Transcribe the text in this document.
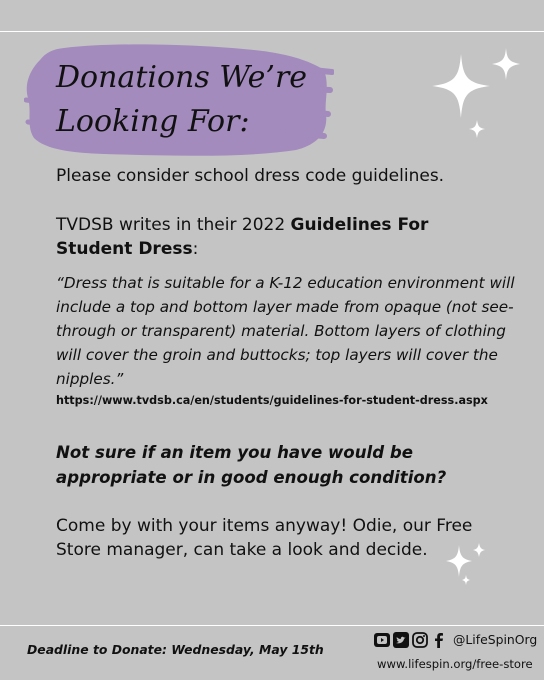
Donations We’re
Looking For:

Please consider school dress code guidelines.

TVDSB writes in their 2022 Guidelines For Student Dress:

“Dress that is suitable for a K-12 education environment will include a top and bottom layer made from opaque (not see-through or transparent) material. Bottom layers of clothing will cover the groin and buttocks; top layers will cover the nipples.”

https://www.tvdsb.ca/en/students/guidelines-for-student-dress.aspx

Not sure if an item you have would be appropriate or in good enough condition?

Come by with your items anyway! Odie, our Free Store manager, can take a look and decide.

Deadline to Donate: Wednesday, May 15th

@LifeSpinOrg

www.lifespin.org/free-store
